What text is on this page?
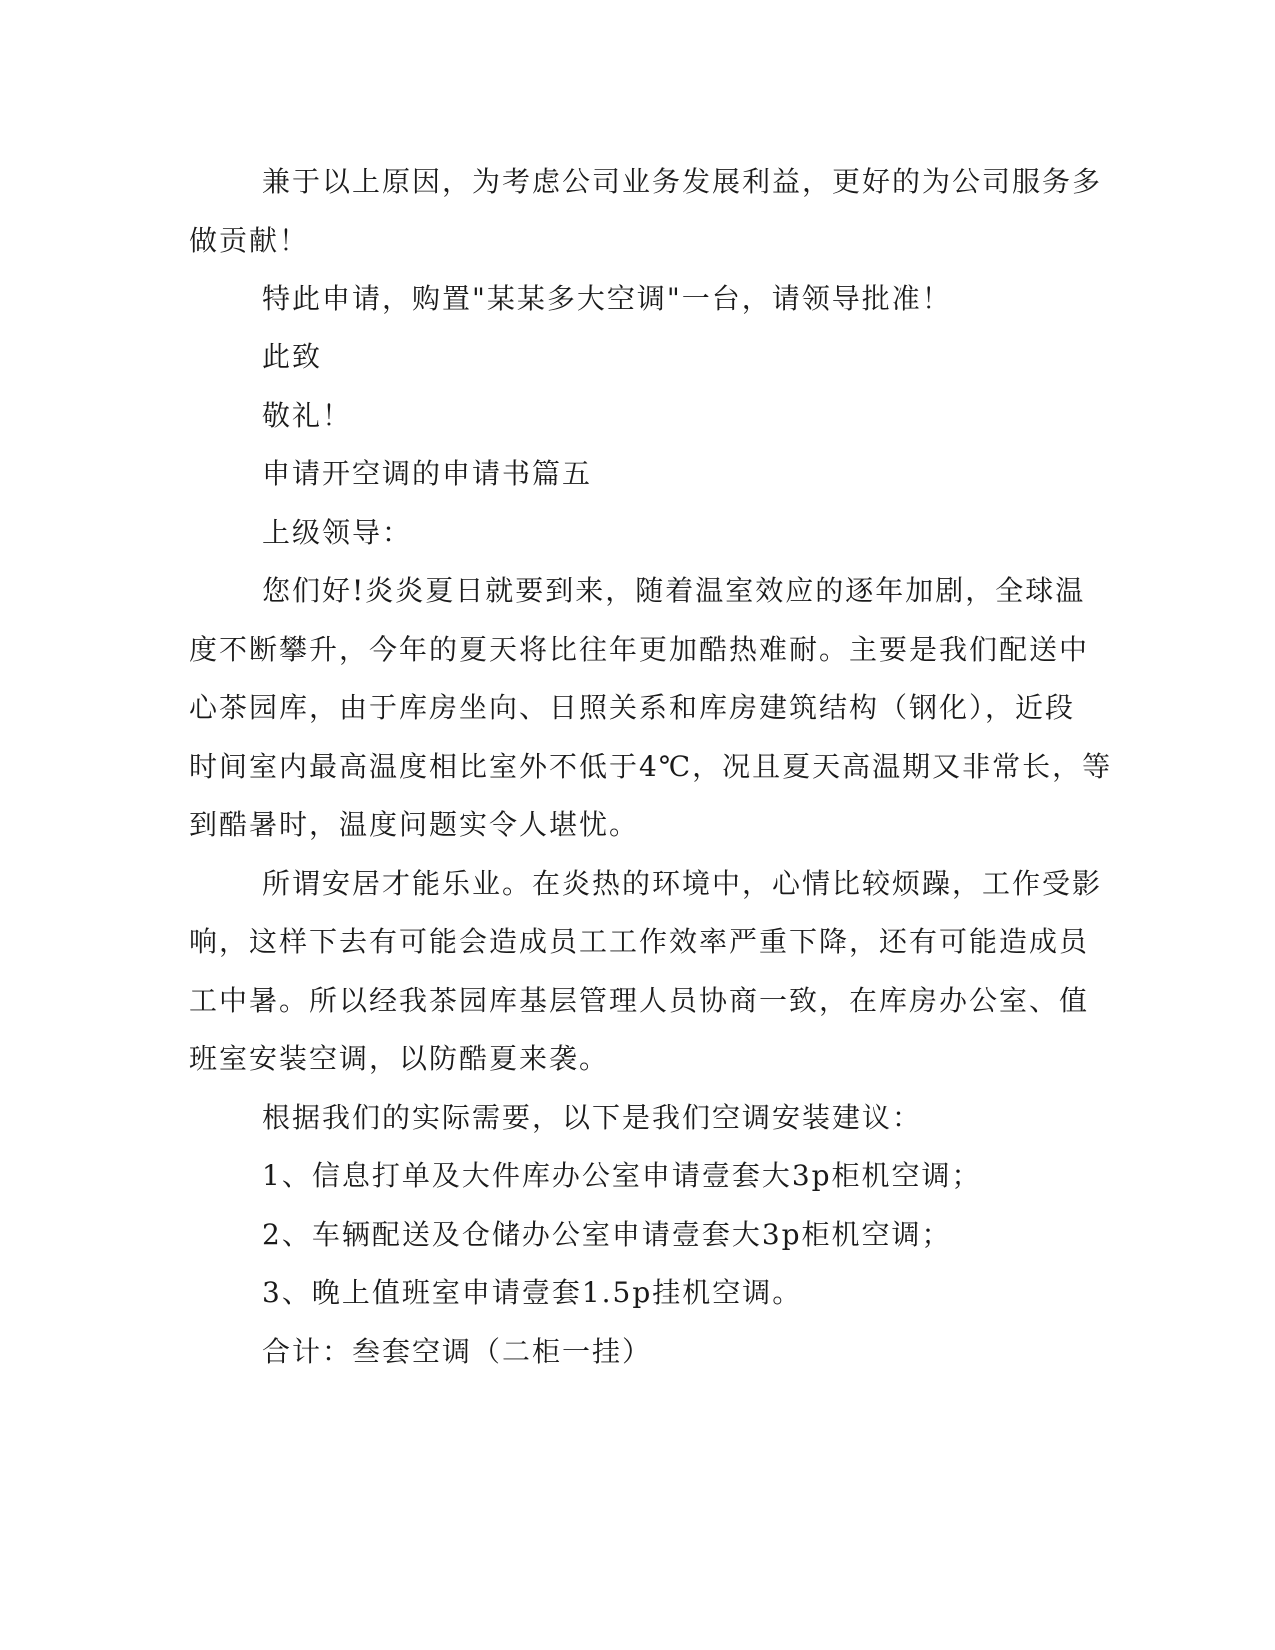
兼于以上原因，为考虑公司业务发展利益，更好的为公司服务多
做贡献！
特此申请，购置"某某多大空调"一台，请领导批准！
此致
敬礼！
申请开空调的申请书篇五
上级领导：
您们好!炎炎夏日就要到来，随着温室效应的逐年加剧，全球温
度不断攀升，今年的夏天将比往年更加酷热难耐。主要是我们配送中
心茶园库，由于库房坐向、日照关系和库房建筑结构（钢化），近段
时间室内最高温度相比室外不低于4℃，况且夏天高温期又非常长，等
到酷暑时，温度问题实令人堪忧。
所谓安居才能乐业。在炎热的环境中，心情比较烦躁，工作受影
响，这样下去有可能会造成员工工作效率严重下降，还有可能造成员
工中暑。所以经我茶园库基层管理人员协商一致，在库房办公室、值
班室安装空调，以防酷夏来袭。
根据我们的实际需要，以下是我们空调安装建议：
1、信息打单及大件库办公室申请壹套大3p柜机空调；
2、车辆配送及仓储办公室申请壹套大3p柜机空调；
3、晚上值班室申请壹套1.5p挂机空调。
合计：叁套空调（二柜一挂）
